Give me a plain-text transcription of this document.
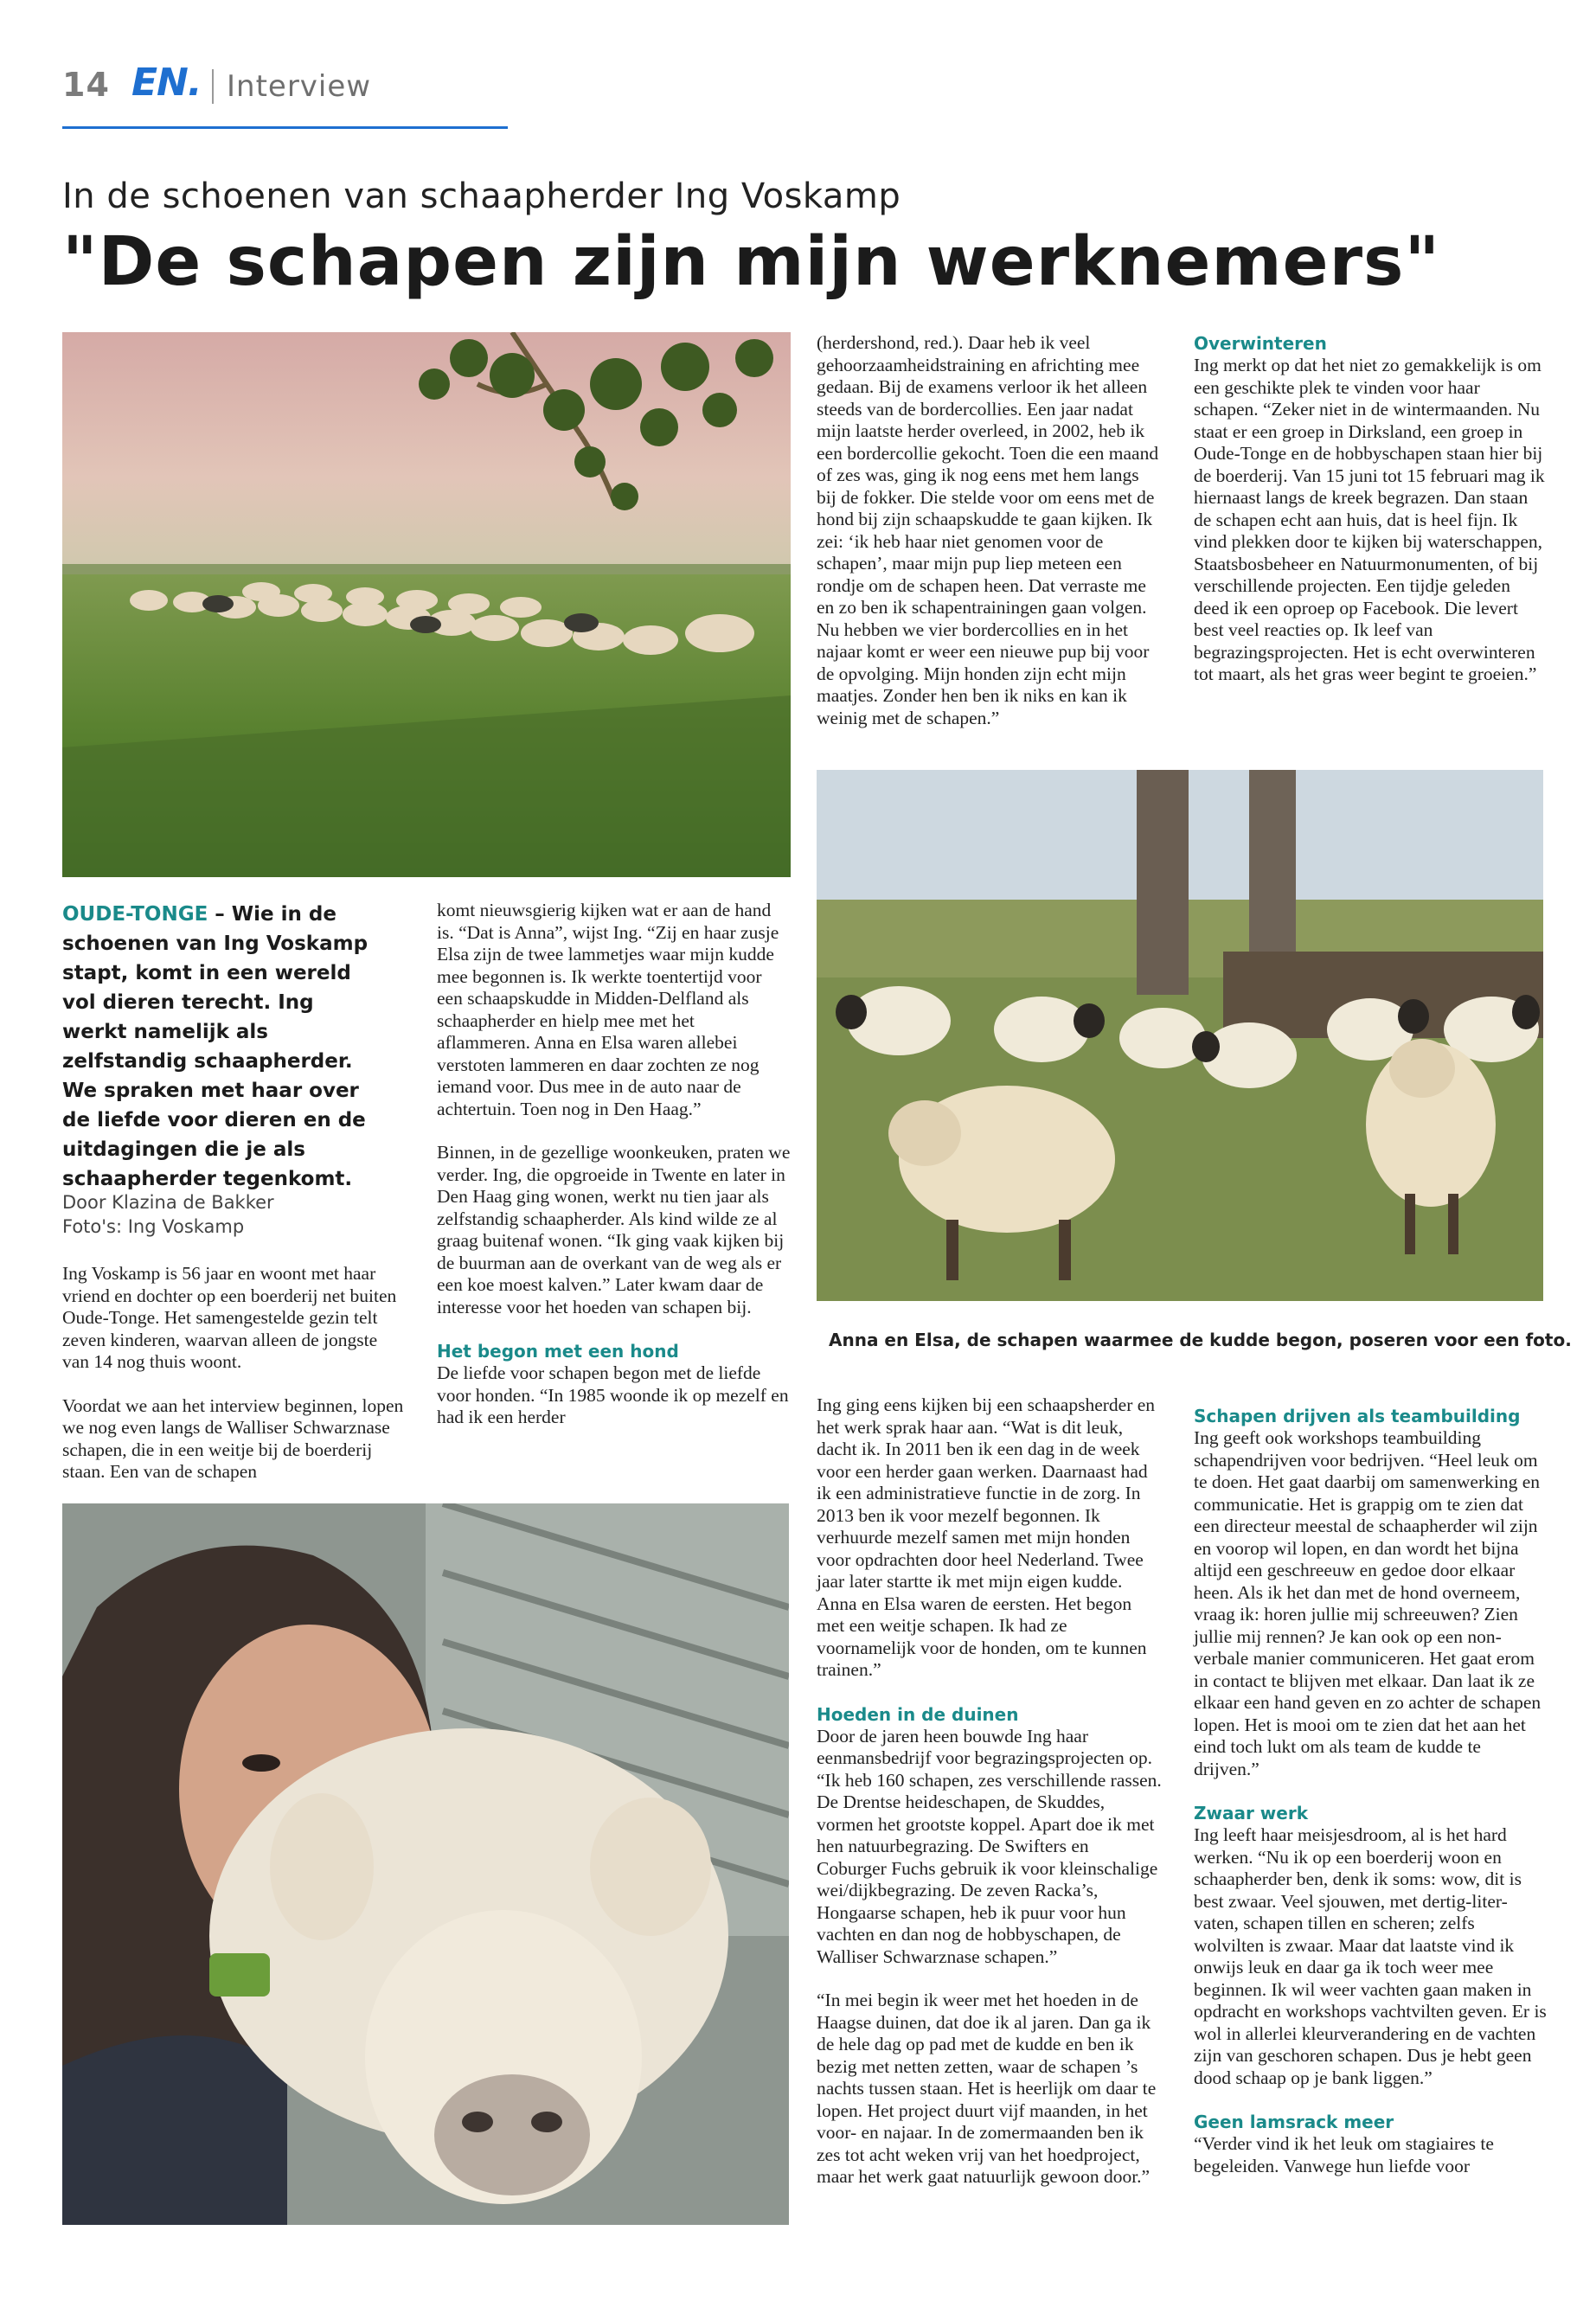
14 EN. Interview
In de schoenen van schaapherder Ing Voskamp
"De schapen zijn mijn werknemers"
OUDE-TONGE – Wie in de schoenen van Ing Voskamp stapt, komt in een wereld vol dieren terecht. Ing werkt namelijk als zelfstandig schaapherder. We spraken met haar over de liefde voor dieren en de uitdagingen die je als schaapherder tegenkomt.
Door Klazina de Bakker
Foto's: Ing Voskamp

Ing Voskamp is 56 jaar en woont met haar vriend en dochter op een boerderij net buiten Oude-Tonge. Het samengestelde gezin telt zeven kinderen, waarvan alleen de jongste van 14 nog thuis woont.

Voordat we aan het interview beginnen, lopen we nog even langs de Walliser Schwarznase schapen, die in een weitje bij de boerderij staan. Een van de schapen

komt nieuwsgierig kijken wat er aan de hand is. “Dat is Anna”, wijst Ing. “Zij en haar zusje Elsa zijn de twee lammetjes waar mijn kudde mee begonnen is. Ik werkte toentertijd voor een schaapskudde in Midden-Delfland als schaapherder en hielp mee met het aflammeren. Anna en Elsa waren allebei verstoten lammeren en daar zochten ze nog iemand voor. Dus mee in de auto naar de achtertuin. Toen nog in Den Haag.”

Binnen, in de gezellige woonkeuken, praten we verder. Ing, die opgroeide in Twente en later in Den Haag ging wonen, werkt nu tien jaar als zelfstandig schaapherder. Als kind wilde ze al graag buitenaf wonen. “Ik ging vaak kijken bij de buurman aan de overkant van de weg als er een koe moest kalven.” Later kwam daar de interesse voor het hoeden van schapen bij.

Het begon met een hond
De liefde voor schapen begon met de liefde voor honden. “In 1985 woonde ik op mezelf en had ik een herder
(herdershond, red.). Daar heb ik veel gehoorzaamheidstraining en africhting mee gedaan. Bij de examens verloor ik het alleen steeds van de bordercollies. Een jaar nadat mijn laatste herder overleed, in 2002, heb ik een bordercollie gekocht. Toen die een maand of zes was, ging ik nog eens met hem langs bij de fokker. Die stelde voor om eens met de hond bij zijn schaapskudde te gaan kijken. Ik zei: ‘ik heb haar niet genomen voor de schapen’, maar mijn pup liep meteen een rondje om de schapen heen. Dat verraste me en zo ben ik schapentrainingen gaan volgen. Nu hebben we vier bordercollies en in het najaar komt er weer een nieuwe pup bij voor de opvolging. Mijn honden zijn echt mijn maatjes. Zonder hen ben ik niks en kan ik weinig met de schapen.”
Overwinteren
Ing merkt op dat het niet zo gemakkelijk is om een geschikte plek te vinden voor haar schapen. “Zeker niet in de wintermaanden. Nu staat er een groep in Dirksland, een groep in Oude-Tonge en de hobbyschapen staan hier bij de boerderij. Van 15 juni tot 15 februari mag ik hiernaast langs de kreek begrazen. Dan staan de schapen echt aan huis, dat is heel fijn. Ik vind plekken door te kijken bij waterschappen, Staatsbosbeheer en Natuurmonumenten, of bij verschillende projecten. Een tijdje geleden deed ik een oproep op Facebook. Die levert best veel reacties op. Ik leef van begrazingsprojecten. Het is echt overwinteren tot maart, als het gras weer begint te groeien.”
Anna en Elsa, de schapen waarmee de kudde begon, poseren voor een foto.

Ing ging eens kijken bij een schaapsherder en het werk sprak haar aan. “Wat is dit leuk, dacht ik. In 2011 ben ik een dag in de week voor een herder gaan werken. Daarnaast had ik een administratieve functie in de zorg. In 2013 ben ik voor mezelf begonnen. Ik verhuurde mezelf samen met mijn honden voor opdrachten door heel Nederland. Twee jaar later startte ik met mijn eigen kudde. Anna en Elsa waren de eersten. Het begon met een weitje schapen. Ik had ze voornamelijk voor de honden, om te kunnen trainen.”

Hoeden in de duinen

Door de jaren heen bouwde Ing haar eenmansbedrijf voor begrazingsprojecten op. “Ik heb 160 schapen, zes verschillende rassen. De Drentse heideschapen, de Skuddes, vormen het grootste koppel. Apart doe ik met hen natuurbegrazing. De Swifters en Coburger Fuchs gebruik ik voor kleinschalige wei/dijkbegrazing. De zeven Racka’s, Hongaarse schapen, heb ik puur voor hun vachten en dan nog de hobbyschapen, de Walliser Schwarznase schapen.”

“In mei begin ik weer met het hoeden in de Haagse duinen, dat doe ik al jaren. Dan ga ik de hele dag op pad met de kudde en ben ik bezig met netten zetten, waar de schapen ’s nachts tussen staan. Het is heerlijk om daar te lopen. Het project duurt vijf maanden, in het voor- en najaar. In de zomermaanden ben ik zes tot acht weken vrij van het hoedproject, maar het werk gaat natuurlijk gewoon door.”

Schapen drijven als teambuilding

Ing geeft ook workshops teambuilding schapendrijven voor bedrijven. “Heel leuk om te doen. Het gaat daarbij om samenwerking en communicatie. Het is grappig om te zien dat een directeur meestal de schaapherder wil zijn en voorop wil lopen, en dan wordt het bijna altijd een geschreeuw en gedoe door elkaar heen. Als ik het dan met de hond overneem, vraag ik: horen jullie mij schreeuwen? Zien jullie mij rennen? Je kan ook op een non-verbale manier communiceren. Het gaat erom in contact te blijven met elkaar. Dan laat ik ze elkaar een hand geven en zo achter de schapen lopen. Het is mooi om te zien dat het aan het eind toch lukt om als team de kudde te drijven.”

Zwaar werk

Ing leeft haar meisjesdroom, al is het hard werken. “Nu ik op een boerderij woon en schaapherder ben, denk ik soms: wow, dit is best zwaar. Veel sjouwen, met dertig-liter-vaten, schapen tillen en scheren; zelfs wolvilten is zwaar. Maar dat laatste vind ik onwijs leuk en daar ga ik toch weer mee beginnen. Ik wil weer vachten gaan maken in opdracht en workshops vachtvilten geven. Er is wol in allerlei kleurverandering en de vachten zijn van geschoren schapen. Dus je hebt geen dood schaap op je bank liggen.”

Geen lamsrack meer
“Verder vind ik het leuk om stagiaires te begeleiden. Vanwege hun liefde voor
